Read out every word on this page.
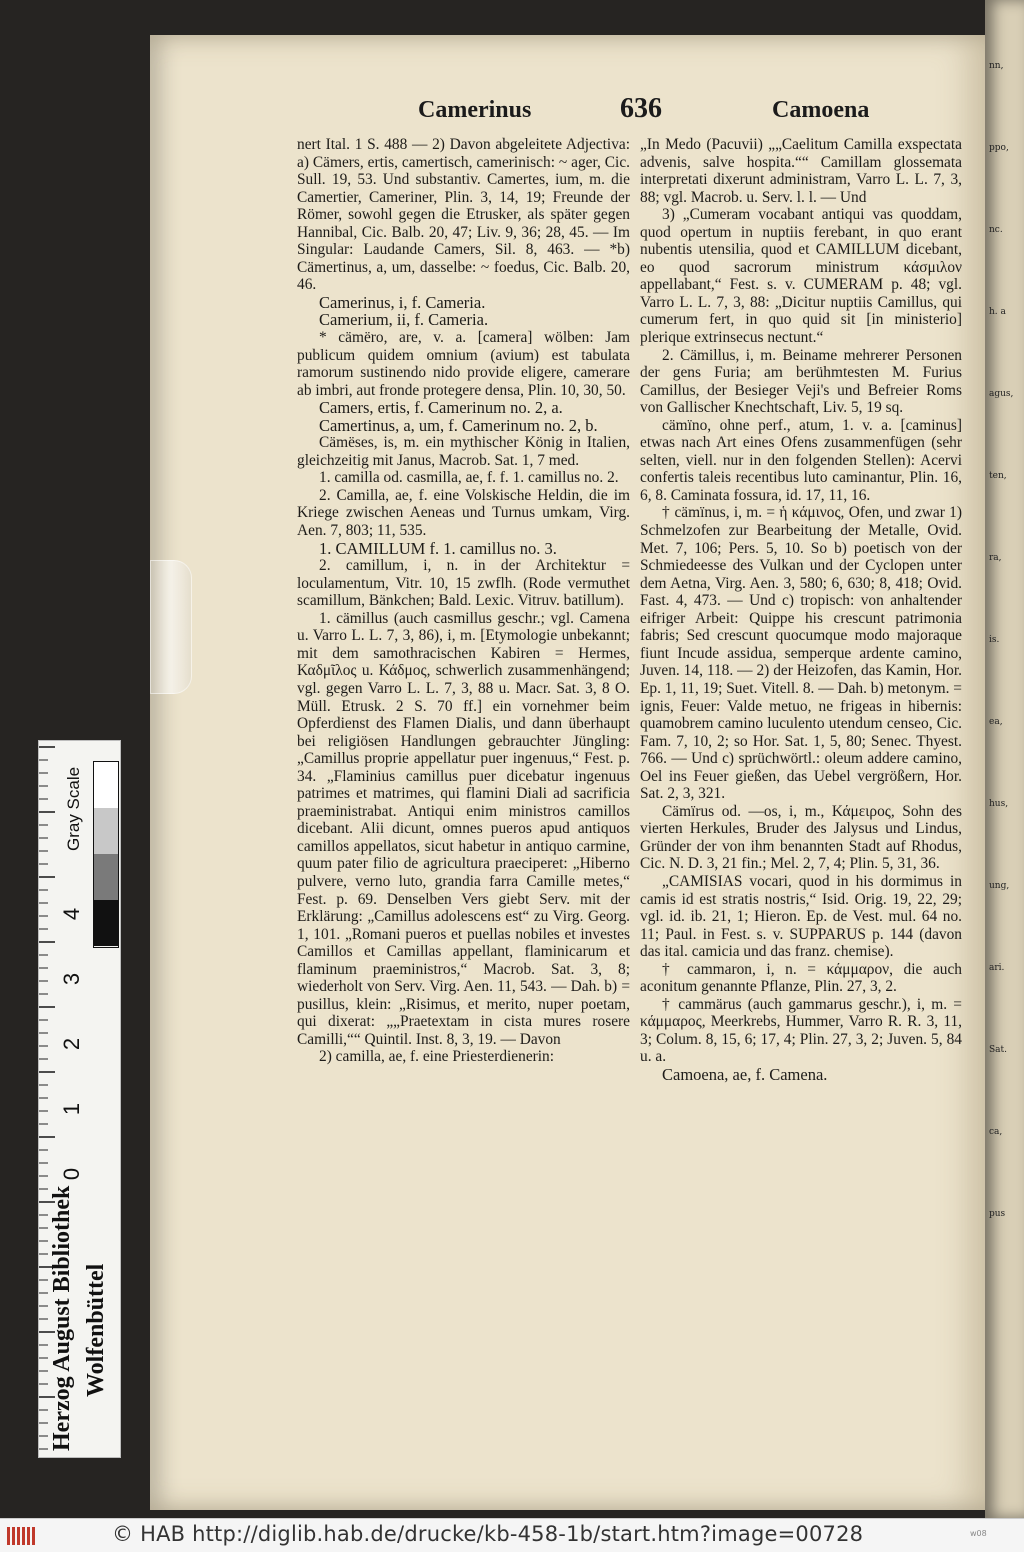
Camerinus	636	Camoena

nert Ital. 1 S. 488 — 2) Davon abgeleitete Adjectiva: a) Cämers, ertis, camertisch, camerinisch: ~ ager, Cic. Sull. 19, 53. Und substantiv. Camertes, ium, m. die Camertier, Cameriner, Plin. 3, 14, 19; Freunde der Römer, sowohl gegen die Etrusker, als später gegen Hannibal, Cic. Balb. 20, 47; Liv. 9, 36; 28, 45. — Im Singular: Laudande Camers, Sil. 8, 463. — *b) Cämertinus, a, um, dasselbe: ~ foedus, Cic. Balb. 20, 46.

Camerinus, i, f. Cameria.

Camerium, ii, f. Cameria.

* cämëro, are, v. a. [camera] wölben: Jam publicum quidem omnium (avium) est tabulata ramorum sustinendo nido provide eligere, camerare ab imbri, aut fronde protegere densa, Plin. 10, 30, 50.

Camers, ertis, f. Camerinum no. 2, a.

Camertinus, a, um, f. Camerinum no. 2, b.

Cämëses, is, m. ein mythischer König in Italien, gleichzeitig mit Janus, Macrob. Sat. 1, 7 med.

1. camilla od. casmilla, ae, f. f. 1. camillus no. 2.

2. Camilla, ae, f. eine Volskische Heldin, die im Kriege zwischen Aeneas und Turnus umkam, Virg. Aen. 7, 803; 11, 535.

1. CAMILLUM f. 1. camillus no. 3.

2. camillum, i, n. in der Architektur = loculamentum, Vitr. 10, 15 zwflh. (Rode vermuthet scamillum, Bänkchen; Bald. Lexic. Vitruv. batillum).

1. cämillus (auch casmillus geschr.; vgl. Camena u. Varro L. L. 7, 3, 86), i, m. [Etymologie unbekannt; mit dem samothracischen Kabiren = Hermes, Καδμῖλος u. Κάδμος, schwerlich zusammenhängend; vgl. gegen Varro L. L. 7, 3, 88 u. Macr. Sat. 3, 8 O. Müll. Etrusk. 2 S. 70 ff.] ein vornehmer beim Opferdienst des Flamen Dialis, und dann überhaupt bei religiösen Handlungen gebrauchter Jüngling: „Camillus proprie appellatur puer ingenuus,“ Fest. p. 34. „Flaminius camillus puer dicebatur ingenuus patrimes et matrimes, qui flamini Diali ad sacrificia praeministrabat. Antiqui enim ministros camillos dicebant. Alii dicunt, omnes pueros apud antiquos camillos appellatos, sicut habetur in antiquo carmine, quum pater filio de agricultura praeciperet: „Hiberno pulvere, verno luto, grandia farra Camille metes,“ Fest. p. 69. Denselben Vers giebt Serv. mit der Erklärung: „Camillus adolescens est“ zu Virg. Georg. 1, 101. „Romani pueros et puellas nobiles et investes Camillos et Camillas appellant, flaminicarum et flaminum praeministros,“ Macrob. Sat. 3, 8; wiederholt von Serv. Virg. Aen. 11, 543. — Dah. b) = pusillus, klein: „Risimus, et merito, nuper poetam, qui dixerat: „„Praetextam in cista mures rosere Camilli,““ Quintil. Inst. 8, 3, 19. — Davon

2) camilla, ae, f. eine Priesterdienerin:

„In Medo (Pacuvii) „„Caelitum Camilla exspectata advenis, salve hospita.““ Camillam glossemata interpretati dixerunt administram, Varro L. L. 7, 3, 88; vgl. Macrob. u. Serv. l. l. — Und

3) „Cumeram vocabant antiqui vas quoddam, quod opertum in nuptiis ferebant, in quo erant nubentis utensilia, quod et CAMILLUM dicebant, eo quod sacrorum ministrum κάσμιλον appellabant,“ Fest. s. v. CUMERAM p. 48; vgl. Varro L. L. 7, 3, 88: „Dicitur nuptiis Camillus, qui cumerum fert, in quo quid sit [in ministerio] plerique extrinsecus nectunt.“

2. Cämillus, i, m. Beiname mehrerer Personen der gens Furia; am berühmtesten M. Furius Camillus, der Besieger Veji's und Befreier Roms von Gallischer Knechtschaft, Liv. 5, 19 sq.

cämïno, ohne perf., atum, 1. v. a. [caminus] etwas nach Art eines Ofens zusammenfügen (sehr selten, viell. nur in den folgenden Stellen): Acervi confertis taleis recentibus luto caminantur, Plin. 16, 6, 8. Caminata fossura, id. 17, 11, 16.

† cämïnus, i, m. = ἡ κάμινος, Ofen, und zwar 1) Schmelzofen zur Bearbeitung der Metalle, Ovid. Met. 7, 106; Pers. 5, 10. So b) poetisch von der Schmiedeesse des Vulkan und der Cyclopen unter dem Aetna, Virg. Aen. 3, 580; 6, 630; 8, 418; Ovid. Fast. 4, 473. — Und c) tropisch: von anhaltender eifriger Arbeit: Quippe his crescunt patrimonia fabris; Sed crescunt quocumque modo majoraque fiunt Incude assidua, semperque ardente camino, Juven. 14, 118. — 2) der Heizofen, das Kamin, Hor. Ep. 1, 11, 19; Suet. Vitell. 8. — Dah. b) metonym. = ignis, Feuer: Valde metuo, ne frigeas in hibernis: quamobrem camino luculento utendum censeo, Cic. Fam. 7, 10, 2; so Hor. Sat. 1, 5, 80; Senec. Thyest. 766. — Und c) sprüchwörtl.: oleum addere camino, Oel ins Feuer gießen, das Uebel vergrößern, Hor. Sat. 2, 3, 321.

Cämïrus od. —os, i, m., Κάμειρος, Sohn des vierten Herkules, Bruder des Jalysus und Lindus, Gründer der von ihm benannten Stadt auf Rhodus, Cic. N. D. 3, 21 fin.; Mel. 2, 7, 4; Plin. 5, 31, 36.

„CAMISIAS vocari, quod in his dormimus in camis id est stratis nostris,“ Isid. Orig. 19, 22, 29; vgl. id. ib. 21, 1; Hieron. Ep. de Vest. mul. 64 no. 11; Paul. in Fest. s. v. SUPPARUS p. 144 (davon das ital. camicia und das franz. chemise).

† cammaron, i, n. = κάμμαρον, die auch aconitum genannte Pflanze, Plin. 27, 3, 2.

† cammärus (auch gammarus geschr.), i, m. = κάμμαρος, Meerkrebs, Hummer, Varro R. R. 3, 11, 3; Colum. 8, 15, 6; 17, 4; Plin. 27, 3, 2; Juven. 5, 84 u. a.

Camoena, ae, f. Camena.

nn,
ppo,
nc.
h. a
agus,
ten,
ra,
is.
ea,
hus,
ung,
ari.
Sat.
ca,
pus
Gray Scale
4
3
2
1
0
Herzog August Bibliothek Wolfenbüttel
© HAB http://diglib.hab.de/drucke/kb-458-1b/start.htm?image=00728	w08
